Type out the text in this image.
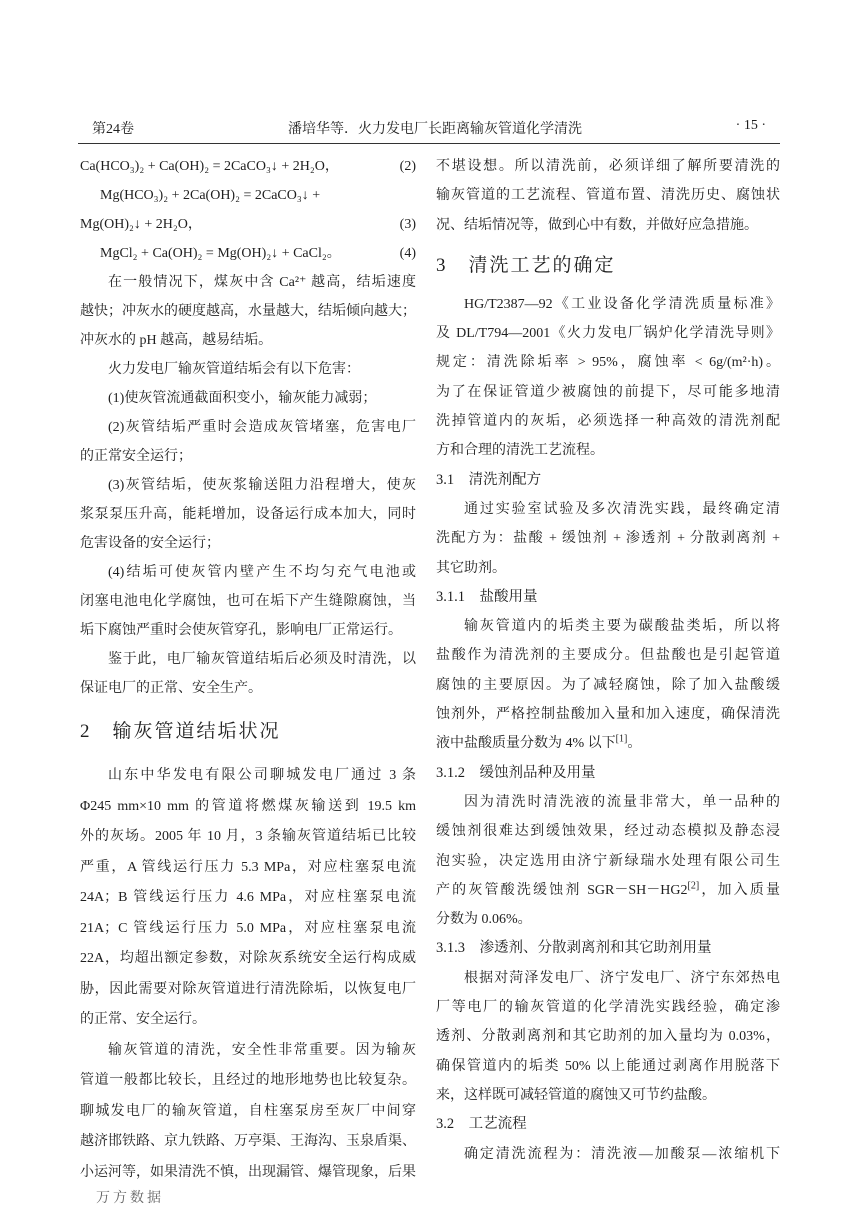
第24卷	潘培华等．火力发电厂长距离输灰管道化学清洗	· 15 ·
Ca(HCO₃)₂ + Ca(OH)₂ = 2CaCO₃↓ + 2H₂O，	(2)
Mg(HCO₃)₂ + 2Ca(OH)₂ = 2CaCO₃↓ +
Mg(OH)₂↓ + 2H₂O，	(3)
MgCl₂ + Ca(OH)₂ = Mg(OH)₂↓ + CaCl₂。	(4)
在一般情况下，煤灰中含 Ca²⁺ 越高，结垢速度
越快；冲灰水的硬度越高，水量越大，结垢倾向越大；
冲灰水的 pH 越高，越易结垢。
火力发电厂输灰管道结垢会有以下危害：
(1)使灰管流通截面积变小，输灰能力减弱；
(2)灰管结垢严重时会造成灰管堵塞，危害电厂
的正常安全运行；
(3)灰管结垢，使灰浆输送阻力沿程增大，使灰
浆泵泵压升高，能耗增加，设备运行成本加大，同时
危害设备的安全运行；
(4)结垢可使灰管内壁产生不均匀充气电池或
闭塞电池电化学腐蚀，也可在垢下产生缝隙腐蚀，当
垢下腐蚀严重时会使灰管穿孔，影响电厂正常运行。
鉴于此，电厂输灰管道结垢后必须及时清洗，以
保证电厂的正常、安全生产。
2　输灰管道结垢状况
山东中华发电有限公司聊城发电厂通过 3 条
Φ245 mm×10 mm 的管道将燃煤灰输送到 19.5 km
外的灰场。2005 年 10 月，3 条输灰管道结垢已比较
严重，A 管线运行压力 5.3 MPa，对应柱塞泵电流
24A；B 管线运行压力 4.6 MPa，对应柱塞泵电流
21A；C 管线运行压力 5.0 MPa，对应柱塞泵电流
22A，均超出额定参数，对除灰系统安全运行构成威
胁，因此需要对除灰管道进行清洗除垢，以恢复电厂
的正常、安全运行。
输灰管道的清洗，安全性非常重要。因为输灰
管道一般都比较长，且经过的地形地势也比较复杂。
聊城发电厂的输灰管道，自柱塞泵房至灰厂中间穿
越济邯铁路、京九铁路、万亭渠、王海沟、玉泉盾渠、
小运河等，如果清洗不慎，出现漏管、爆管现象，后果
万方数据
不堪设想。所以清洗前，必须详细了解所要清洗的
输灰管道的工艺流程、管道布置、清洗历史、腐蚀状
况、结垢情况等，做到心中有数，并做好应急措施。
3　清洗工艺的确定
HG/T2387—92《工业设备化学清洗质量标准》
及 DL/T794—2001《火力发电厂锅炉化学清洗导则》
规定：清洗除垢率 > 95%，腐蚀率 < 6g/(m²·h)。
为了在保证管道少被腐蚀的前提下，尽可能多地清
洗掉管道内的灰垢，必须选择一种高效的清洗剂配
方和合理的清洗工艺流程。
3.1　清洗剂配方
通过实验室试验及多次清洗实践，最终确定清
洗配方为：盐酸 + 缓蚀剂 + 渗透剂 + 分散剥离剂 +
其它助剂。
3.1.1　盐酸用量
输灰管道内的垢类主要为碳酸盐类垢，所以将
盐酸作为清洗剂的主要成分。但盐酸也是引起管道
腐蚀的主要原因。为了减轻腐蚀，除了加入盐酸缓
蚀剂外，严格控制盐酸加入量和加入速度，确保清洗
液中盐酸质量分数为 4% 以下[1]。
3.1.2　缓蚀剂品种及用量
因为清洗时清洗液的流量非常大，单一品种的
缓蚀剂很难达到缓蚀效果，经过动态模拟及静态浸
泡实验，决定选用由济宁新绿瑞水处理有限公司生
产的灰管酸洗缓蚀剂 SGR－SH－HG2[2]，加入质量
分数为 0.06%。
3.1.3　渗透剂、分散剥离剂和其它助剂用量
根据对菏泽发电厂、济宁发电厂、济宁东郊热电
厂等电厂的输灰管道的化学清洗实践经验，确定渗
透剂、分散剥离剂和其它助剂的加入量均为 0.03%，
确保管道内的垢类 50% 以上能通过剥离作用脱落下
来，这样既可减轻管道的腐蚀又可节约盐酸。
3.2　工艺流程
确定清洗流程为：清洗液—加酸泵—浓缩机下
